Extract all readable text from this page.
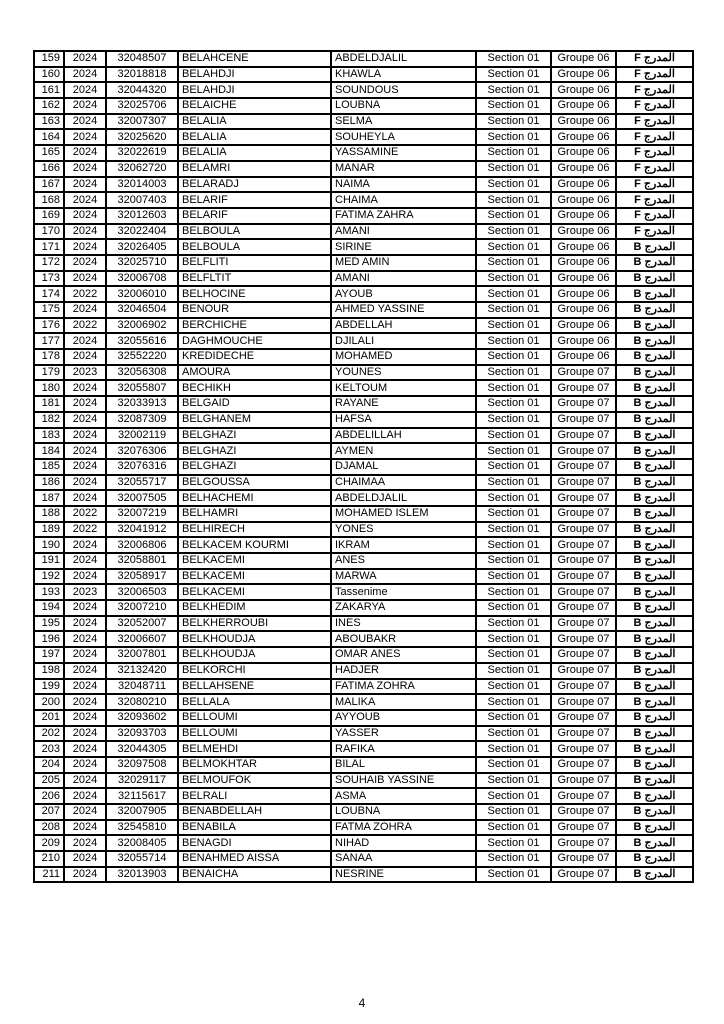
159	2024	32048507	BELAHCENE	ABDELDJALIL	Section 01	Groupe 06	المدرج F
160	2024	32018818	BELAHDJI	KHAWLA	Section 01	Groupe 06	المدرج F
161	2024	32044320	BELAHDJI	SOUNDOUS	Section 01	Groupe 06	المدرج F
162	2024	32025706	BELAICHE	LOUBNA	Section 01	Groupe 06	المدرج F
163	2024	32007307	BELALIA	SELMA	Section 01	Groupe 06	المدرج F
164	2024	32025620	BELALIA	SOUHEYLA	Section 01	Groupe 06	المدرج F
165	2024	32022619	BELALIA	YASSAMINE	Section 01	Groupe 06	المدرج F
166	2024	32062720	BELAMRI	MANAR	Section 01	Groupe 06	المدرج F
167	2024	32014003	BELARADJ	NAIMA	Section 01	Groupe 06	المدرج F
168	2024	32007403	BELARIF	CHAIMA	Section 01	Groupe 06	المدرج F
169	2024	32012603	BELARIF	FATIMA ZAHRA	Section 01	Groupe 06	المدرج F
170	2024	32022404	BELBOULA	AMANI	Section 01	Groupe 06	المدرج F
171	2024	32026405	BELBOULA	SIRINE	Section 01	Groupe 06	المدرج B
172	2024	32025710	BELFLITI	MED AMIN	Section 01	Groupe 06	المدرج B
173	2024	32006708	BELFLTIT	AMANI	Section 01	Groupe 06	المدرج B
174	2022	32006010	BELHOCINE	AYOUB	Section 01	Groupe 06	المدرج B
175	2024	32046504	BENOUR	AHMED YASSINE	Section 01	Groupe 06	المدرج B
176	2022	32006902	BERCHICHE	ABDELLAH	Section 01	Groupe 06	المدرج B
177	2024	32055616	DAGHMOUCHE	DJILALI	Section 01	Groupe 06	المدرج B
178	2024	32552220	KREDIDECHE	MOHAMED	Section 01	Groupe 06	المدرج B
179	2023	32056308	AMOURA	YOUNES	Section 01	Groupe 07	المدرج B
180	2024	32055807	BECHIKH	KELTOUM	Section 01	Groupe 07	المدرج B
181	2024	32033913	BELGAID	RAYANE	Section 01	Groupe 07	المدرج B
182	2024	32087309	BELGHANEM	HAFSA	Section 01	Groupe 07	المدرج B
183	2024	32002119	BELGHAZI	ABDELILLAH	Section 01	Groupe 07	المدرج B
184	2024	32076306	BELGHAZI	AYMEN	Section 01	Groupe 07	المدرج B
185	2024	32076316	BELGHAZI	DJAMAL	Section 01	Groupe 07	المدرج B
186	2024	32055717	BELGOUSSA	CHAIMAA	Section 01	Groupe 07	المدرج B
187	2024	32007505	BELHACHEMI	ABDELDJALIL	Section 01	Groupe 07	المدرج B
188	2022	32007219	BELHAMRI	MOHAMED ISLEM	Section 01	Groupe 07	المدرج B
189	2022	32041912	BELHIRECH	YONES	Section 01	Groupe 07	المدرج B
190	2024	32006806	BELKACEM KOURMI	IKRAM	Section 01	Groupe 07	المدرج B
191	2024	32058801	BELKACEMI	ANES	Section 01	Groupe 07	المدرج B
192	2024	32058917	BELKACEMI	MARWA	Section 01	Groupe 07	المدرج B
193	2023	32006503	BELKACEMI	Tassenime	Section 01	Groupe 07	المدرج B
194	2024	32007210	BELKHEDIM	ZAKARYA	Section 01	Groupe 07	المدرج B
195	2024	32052007	BELKHERROUBI	INES	Section 01	Groupe 07	المدرج B
196	2024	32006607	BELKHOUDJA	ABOUBAKR	Section 01	Groupe 07	المدرج B
197	2024	32007801	BELKHOUDJA	OMAR ANES	Section 01	Groupe 07	المدرج B
198	2024	32132420	BELKORCHI	HADJER	Section 01	Groupe 07	المدرج B
199	2024	32048711	BELLAHSENE	FATIMA ZOHRA	Section 01	Groupe 07	المدرج B
200	2024	32080210	BELLALA	MALIKA	Section 01	Groupe 07	المدرج B
201	2024	32093602	BELLOUMI	AYYOUB	Section 01	Groupe 07	المدرج B
202	2024	32093703	BELLOUMI	YASSER	Section 01	Groupe 07	المدرج B
203	2024	32044305	BELMEHDI	RAFIKA	Section 01	Groupe 07	المدرج B
204	2024	32097508	BELMOKHTAR	BILAL	Section 01	Groupe 07	المدرج B
205	2024	32029117	BELMOUFOK	SOUHAIB YASSINE	Section 01	Groupe 07	المدرج B
206	2024	32115617	BELRALI	ASMA	Section 01	Groupe 07	المدرج B
207	2024	32007905	BENABDELLAH	LOUBNA	Section 01	Groupe 07	المدرج B
208	2024	32545810	BENABILA	FATMA ZOHRA	Section 01	Groupe 07	المدرج B
209	2024	32008405	BENAGDI	NIHAD	Section 01	Groupe 07	المدرج B
210	2024	32055714	BENAHMED AISSA	SANAA	Section 01	Groupe 07	المدرج B
211	2024	32013903	BENAICHA	NESRINE	Section 01	Groupe 07	المدرج B
4
